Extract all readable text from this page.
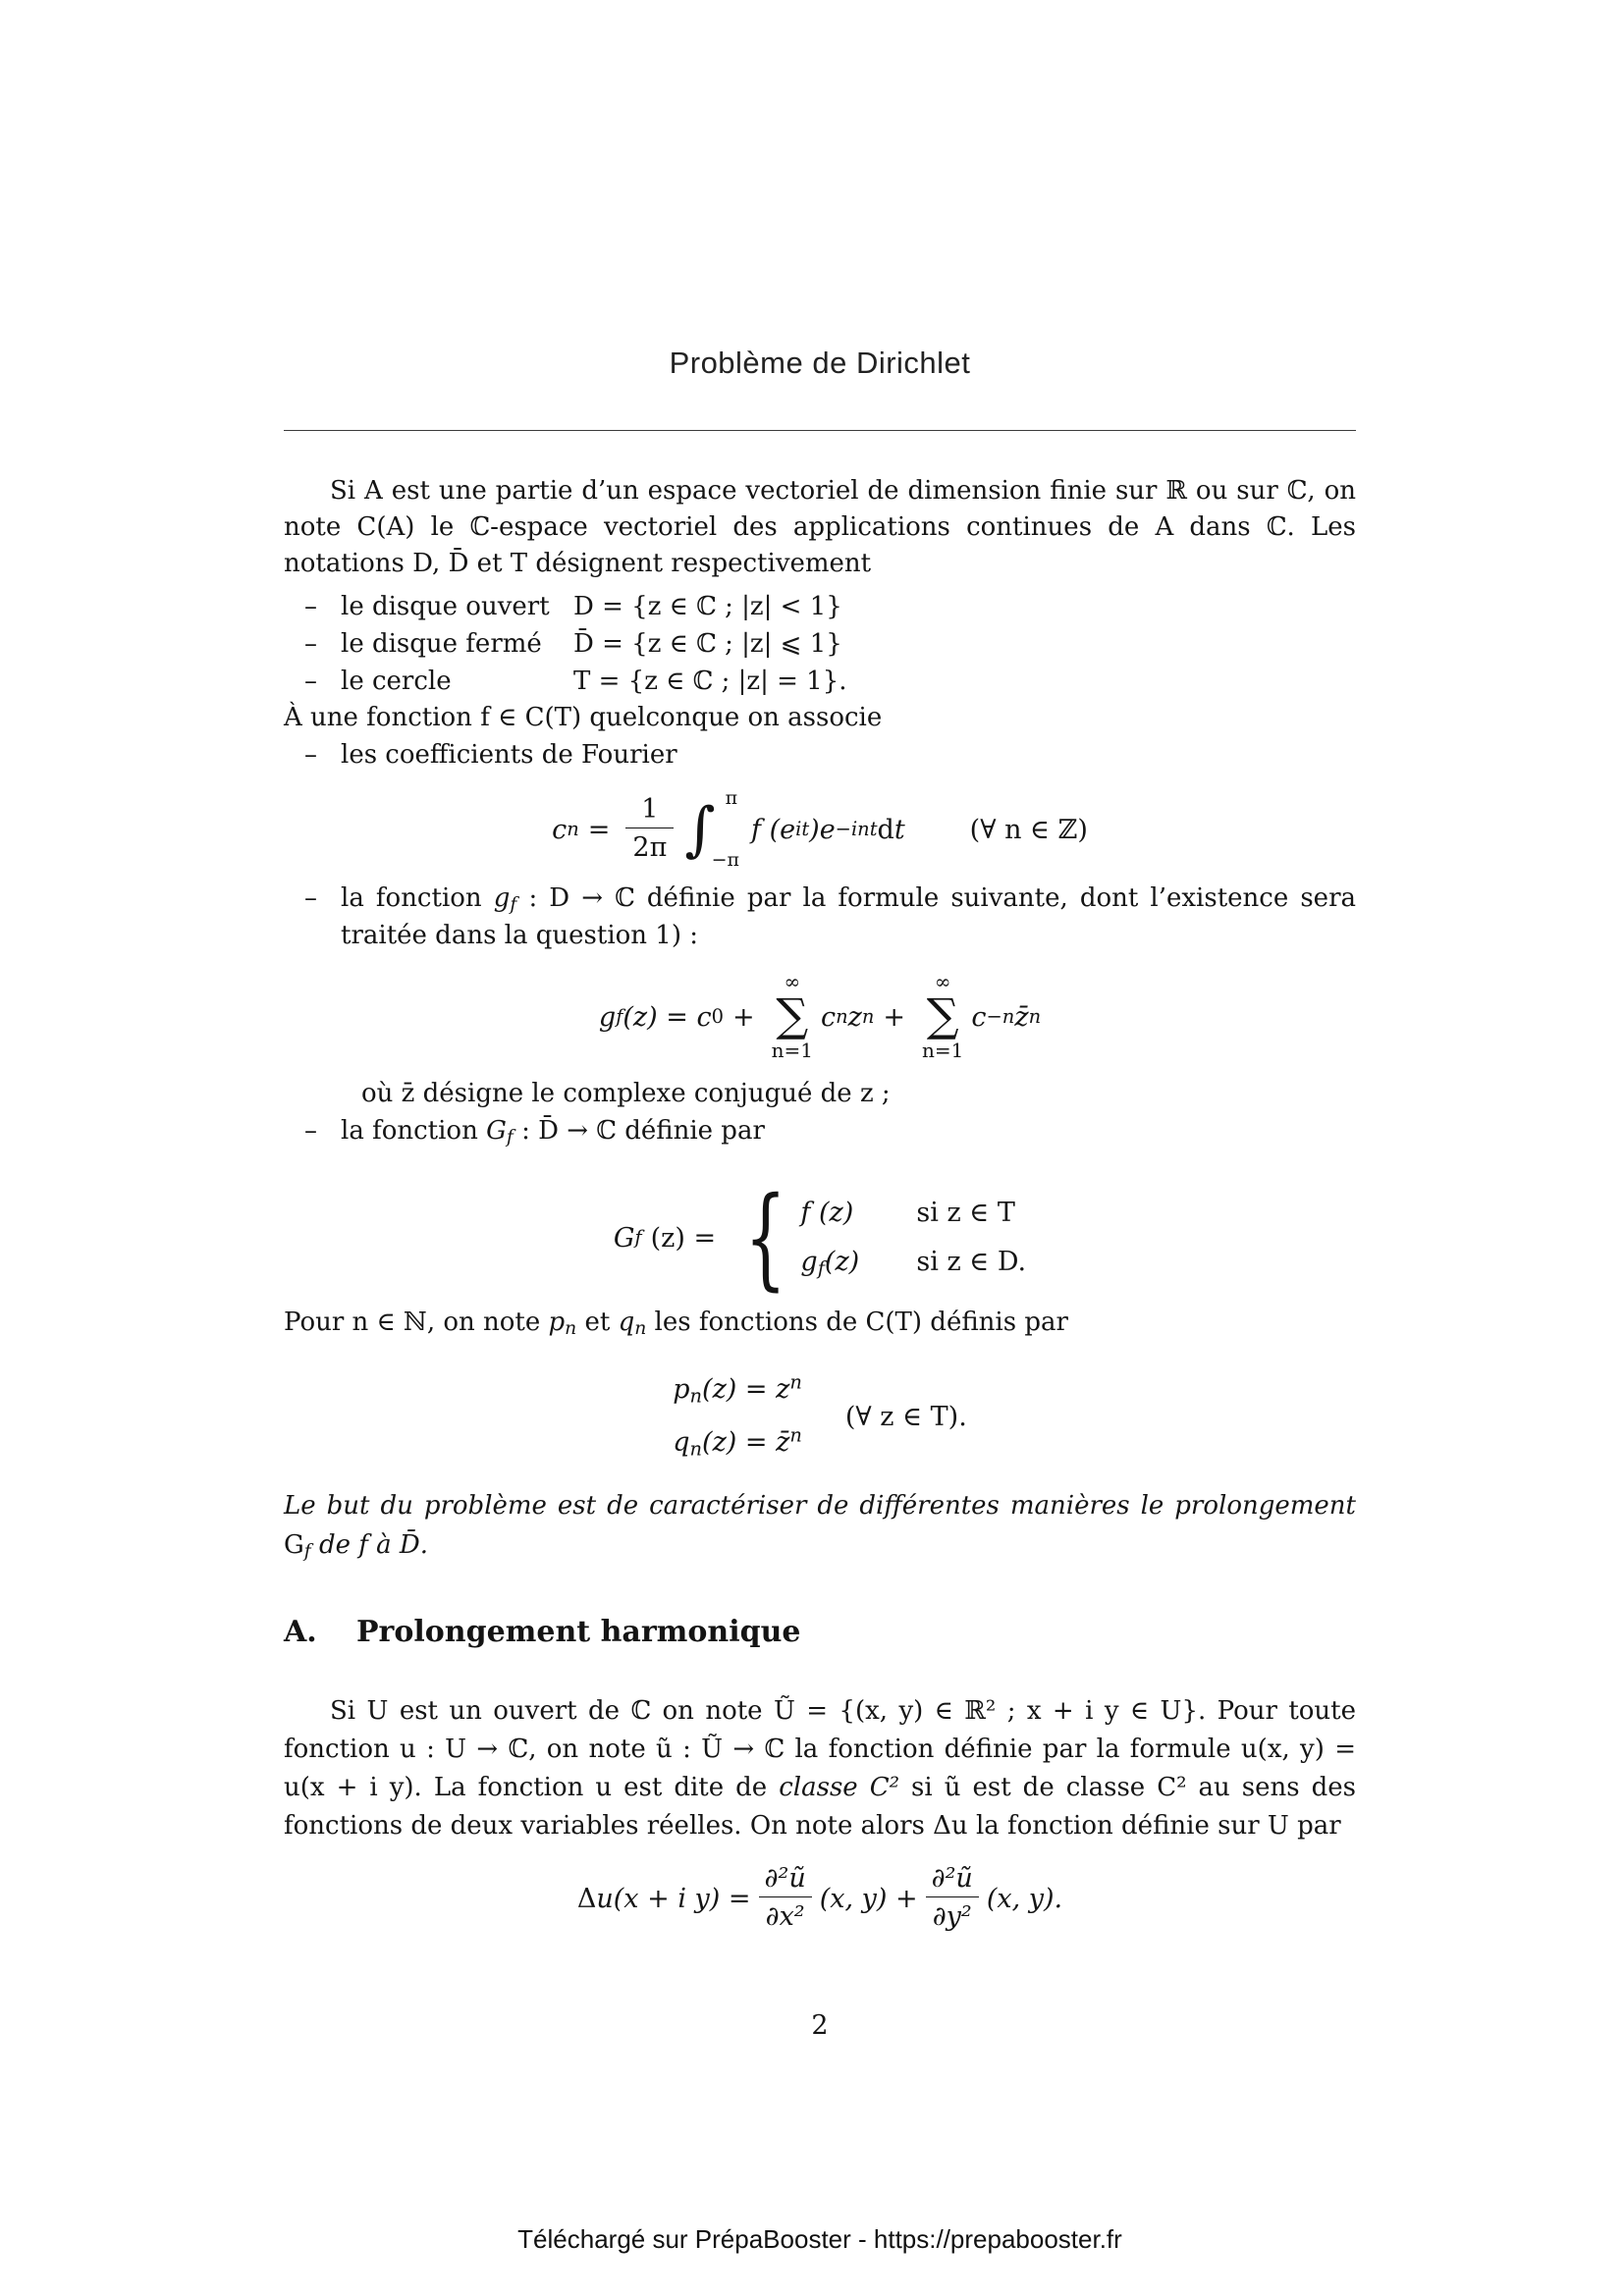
Problème de Dirichlet
Si A est une partie d’un espace vectoriel de dimension finie sur ℝ ou sur ℂ, on note C(A) le ℂ-espace vectoriel des applications continues de A dans ℂ. Les notations D, D̄ et T désignent respectivement
– le disque ouvert D = {z ∈ ℂ ; |z| < 1}
– le disque fermé	D̄ = {z ∈ ℂ ; |z| ⩽ 1}
– le cercle	T = {z ∈ ℂ ; |z| = 1}.
À une fonction f ∈ C(T) quelconque on associe
– les coefficients de Fourier
c $n = \frac{1}{2\pi}$ ∫ π
−π
f (e it )e −int d t (∀ n ∈ ℤ)
– la fonction $g_f$ : D → ℂ définie par la formule suivante, dont l’existence sera traitée dans la question 1) :
g f (z) = c 0 +
∞
∑
n=1
c n z n +
∞
∑
n=1
c −n z̄ n
où z̄ désigne le complexe conjugué de z ;
– la fonction $G_f$ : D̄ → ℂ définie par
G f (z) = { f (z)	si z ∈ T
$g_f(z)$	si z ∈ D.
Pour n ∈ ℕ, on note $p_n$ et $q_n$ les fonctions de C(T) définis par
$p_n(z) = z^n$
$q_n(z)$ = z̄$^n$
(∀ z ∈ T).
Le but du problème est de caractériser de différentes manières le prolongement $G_f$ de f à D̄.
A.	Prolongement harmonique
Si U est un ouvert de ℂ on note Ũ = {(x, y) ∈ ℝ² ; x + i y ∈ U}. Pour toute fonction u : U → ℂ, on note ũ : Ũ → ℂ la fonction définie par la formule u(x, y) = u(x + i y). La fonction u est dite de classe C² si ũ est de classe C² au sens des fonctions de deux variables réelles. On note alors Δu la fonction définie sur U par
Δ u(x + i $y) = \frac{\text{∂²ũ}}{\text{∂x²}} (x$, $y) + \frac{\text{∂²ũ}}{\text{∂y²}} (x$, y).
2
Téléchargé sur PrépaBooster - https://prepabooster.fr
